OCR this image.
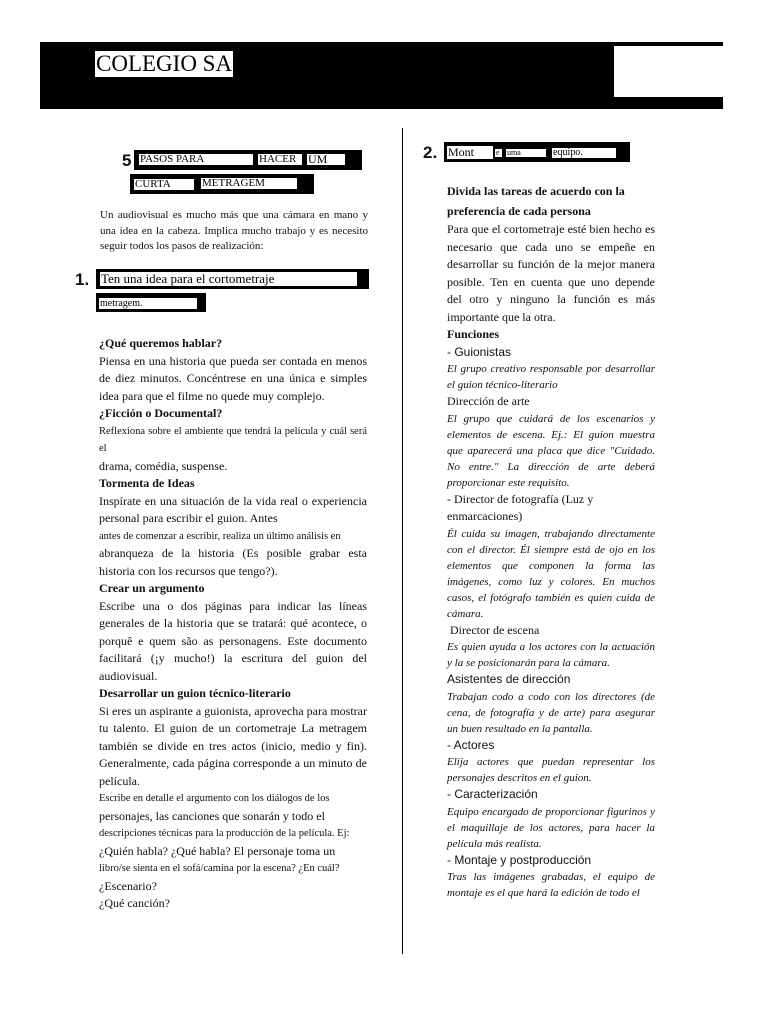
COLEGIO SA
5 PASOS PARA	HACER UM
CURTA	METRAGEM
Un audiovisual es mucho más que una cámara en mano y una idea en la cabeza. Implica mucho trabajo y es necesito seguir todos los pasos de realización:
1. Ten una idea para el cortometraje
metragem.

¿Qué queremos hablar?

Piensa en una historia que pueda ser contada en menos de diez minutos. Concéntrese en una única e simples idea para que el filme no quede muy complejo.

¿Ficción o Documental?

Reflexiona sobre el ambiente que tendrá la película y cuál será el

drama, comédia, suspense.

Tormenta de Ideas

Inspírate en una situación de la vida real o experiencia personal para escribir el guion. Antes

antes de comenzar a escribir, realiza un último análisis en

abranqueza de la historia (Es posible grabar esta historia con los recursos que tengo?).

Crear un argumento

Escribe una o dos páginas para indicar las líneas generales de la historia que se tratará: qué acontece, o porquê e quem são as personagens. Este documento facilitará (¡y mucho!) la escritura del guion del audiovisual.

Desarrollar un guion técnico-literario

Si eres un aspirante a guionista, aprovecha para mostrar tu talento. El guion de un cortometraje La metragem también se divide en tres actos (inicio, medio y fin). Generalmente, cada página corresponde a un minuto de película.

Escribe en detalle el argumento con los diálogos de los

personajes, las canciones que sonarán y todo el

descripciones técnicas para la producción de la película. Ej:

¿Quién habla? ¿Qué habla? El personaje toma un

libro/se sienta en el sofá/camina por la escena? ¿En cuál?

¿Escenario?

¿Qué canción?

2. Mont	e uma	equipo.

Divida las tareas de acuerdo con la preferencia de cada persona

Para que el cortometraje esté bien hecho es necesario que cada uno se empeñe en desarrollar su función de la mejor manera posible. Ten en cuenta que uno depende del otro y ninguno la función es más importante que la otra.

Funciones

- Guionistas

El grupo creativo responsable por desarrollar el guion técnico-literario

Dirección de arte

El grupo que cuidará de los escenarios y elementos de escena. Ej.: El guion muestra que aparecerá una placa que dice "Cuidado. No entre." La dirección de arte deberá proporcionar este requisito.

- Director de fotografía (Luz y enmarcaciones)

Él cuida su imagen, trabajando directamente con el director. Él siempre está de ojo en los elementos que componen la forma las imágenes, como luz y colores. En muchos casos, el fotógrafo también es quien cuida de cámara.

Director de escena

Es quien ayuda a los actores con la actuación y la se posicionarán para la cámara.

Asistentes de dirección

Trabajan codo a codo con los directores (de cena, de fotografía y de arte) para asegurar un buen resultado en la pantalla.

- Actores

Elija actores que puedan representar los personajes descritos en el guion.

- Caracterización

Equipo encargado de proporcionar figurinos y el maquillaje de los actores, para hacer la película más realista.

- Montaje y postproducción

Tras las imágenes grabadas, el equipo de montaje es el que hará la edición de todo el
